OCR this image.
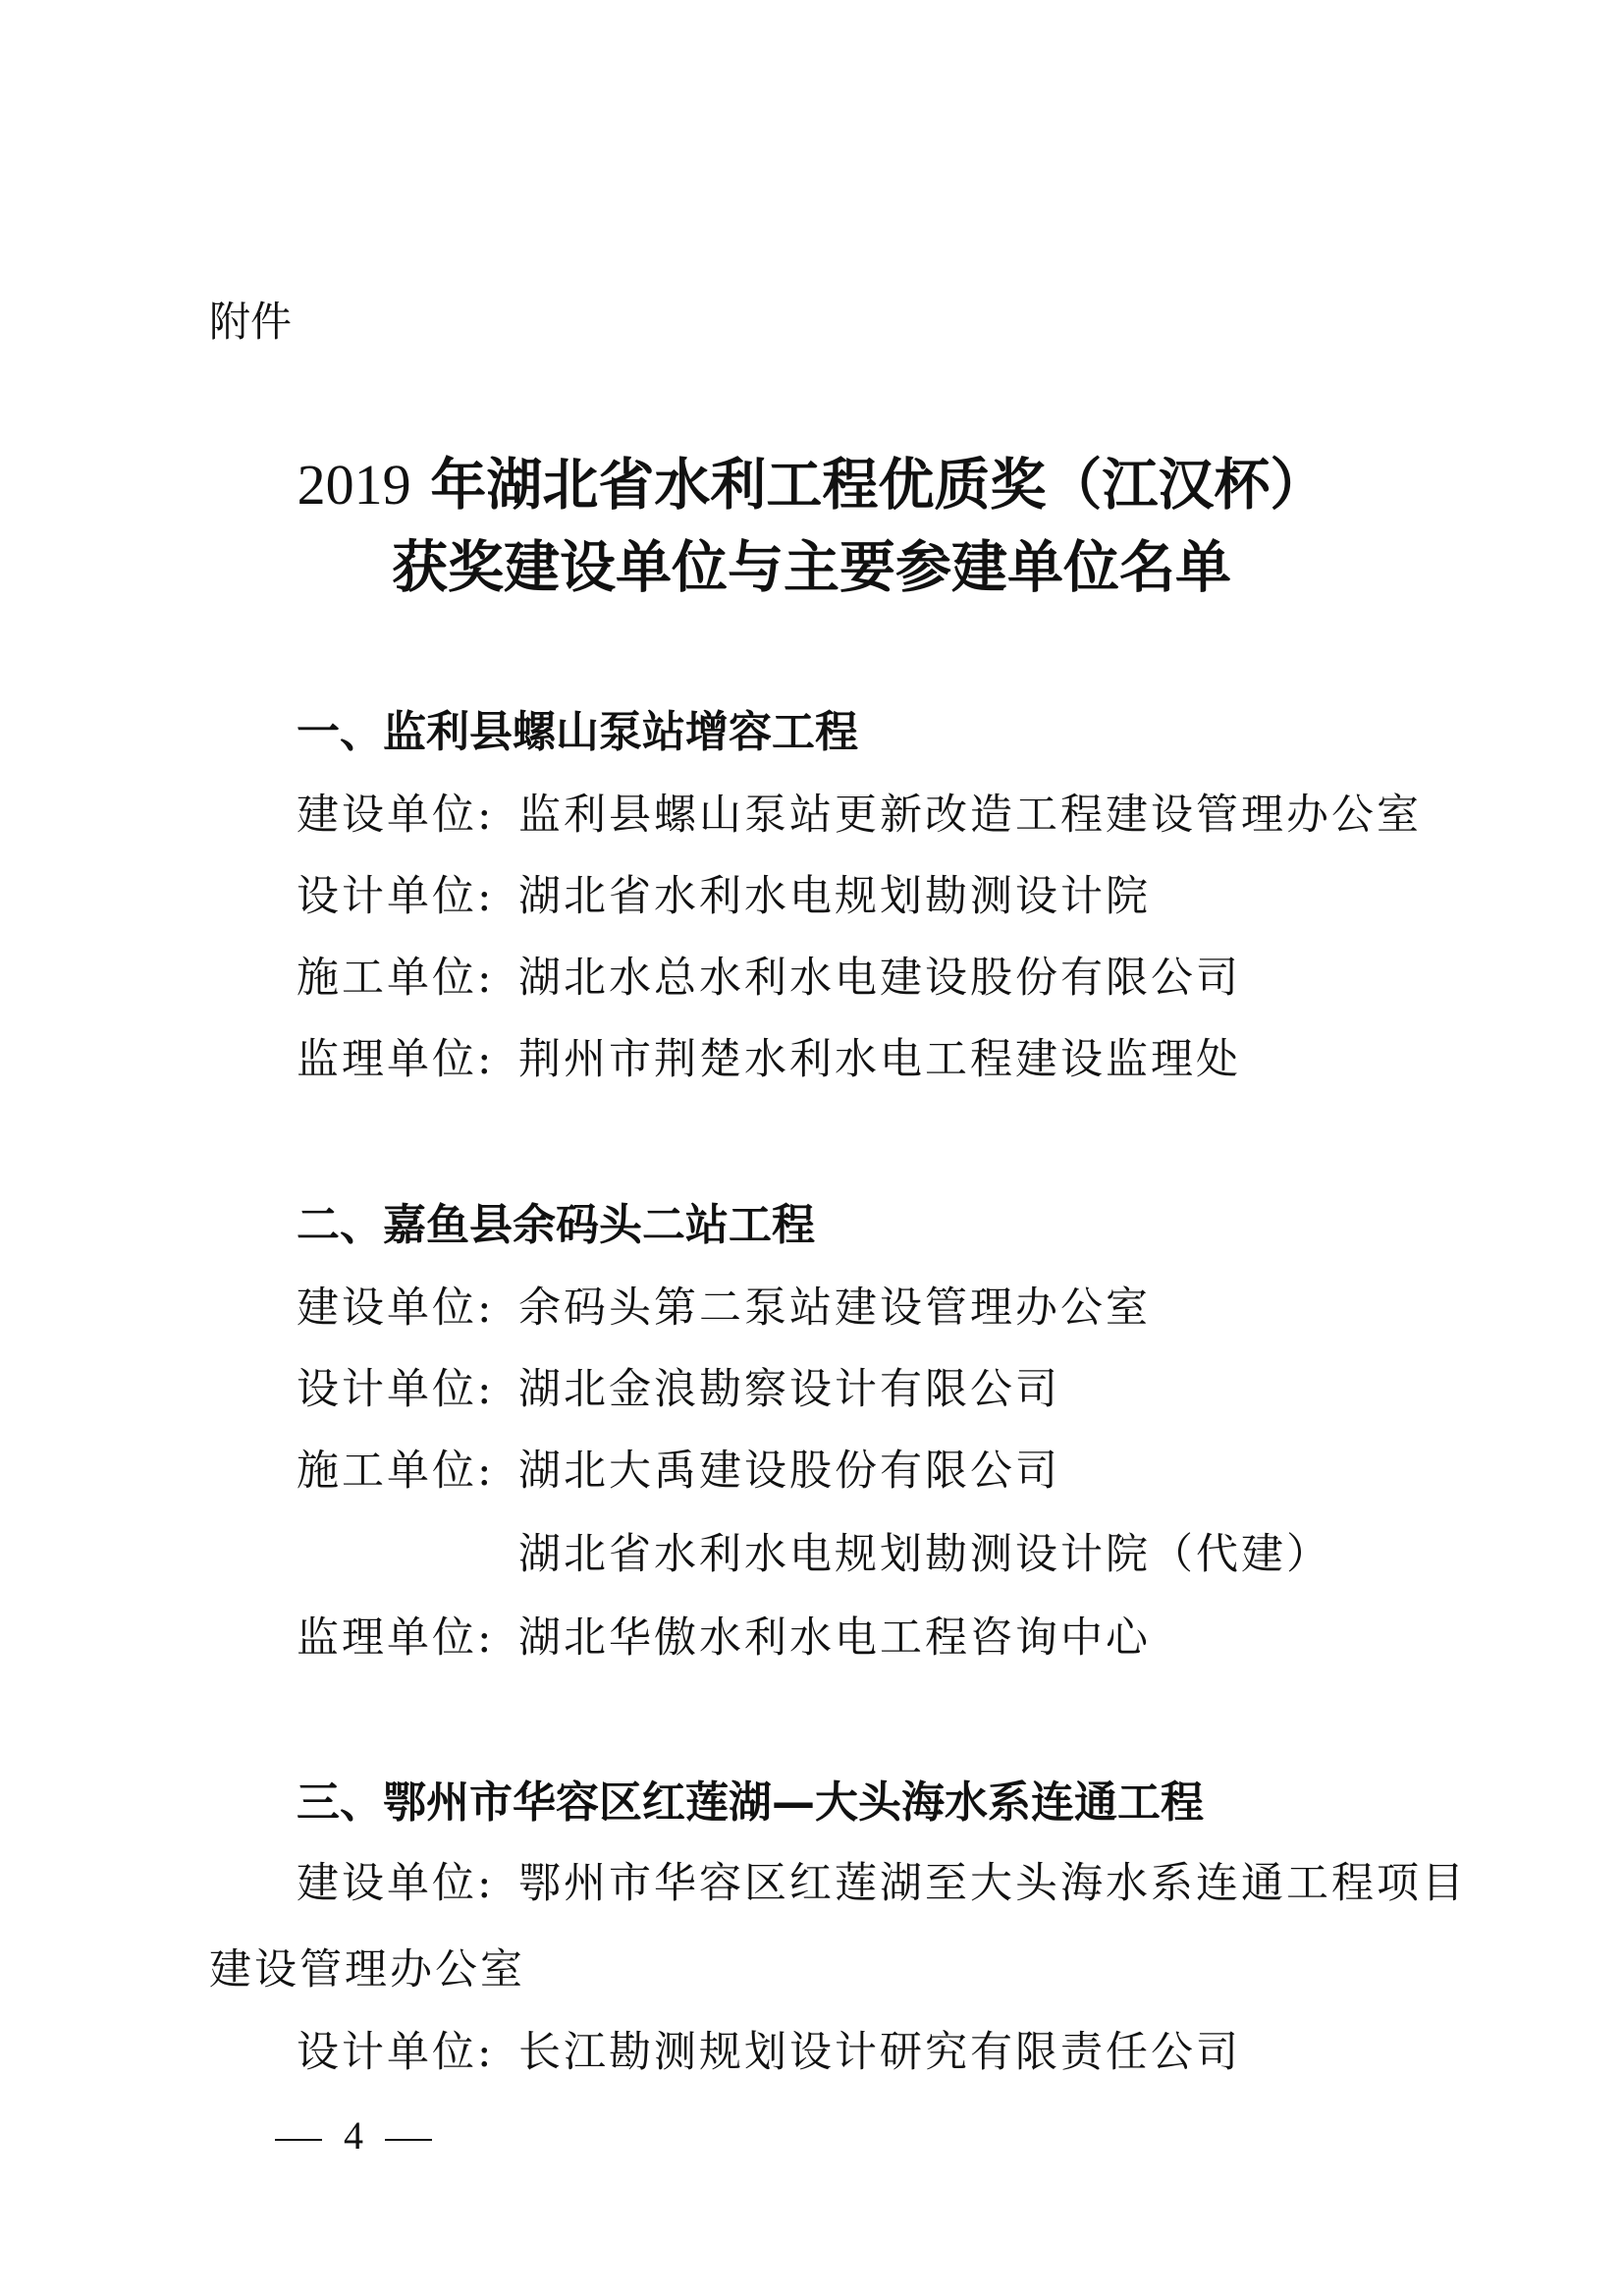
附件
2019 年湖北省水利工程优质奖（江汉杯）
获奖建设单位与主要参建单位名单
一、监利县螺山泵站增容工程
建设单位: 监利县螺山泵站更新改造工程建设管理办公室
设计单位: 湖北省水利水电规划勘测设计院
施工单位: 湖北水总水利水电建设股份有限公司
监理单位: 荆州市荆楚水利水电工程建设监理处
二、嘉鱼县余码头二站工程
建设单位: 余码头第二泵站建设管理办公室
设计单位: 湖北金浪勘察设计有限公司
施工单位: 湖北大禹建设股份有限公司
湖北省水利水电规划勘测设计院（代建）
监理单位: 湖北华傲水利水电工程咨询中心
三、鄂州市华容区红莲湖—大头海水系连通工程
建设单位: 鄂州市华容区红莲湖至大头海水系连通工程项目
建设管理办公室
设计单位: 长江勘测规划设计研究有限责任公司
4
